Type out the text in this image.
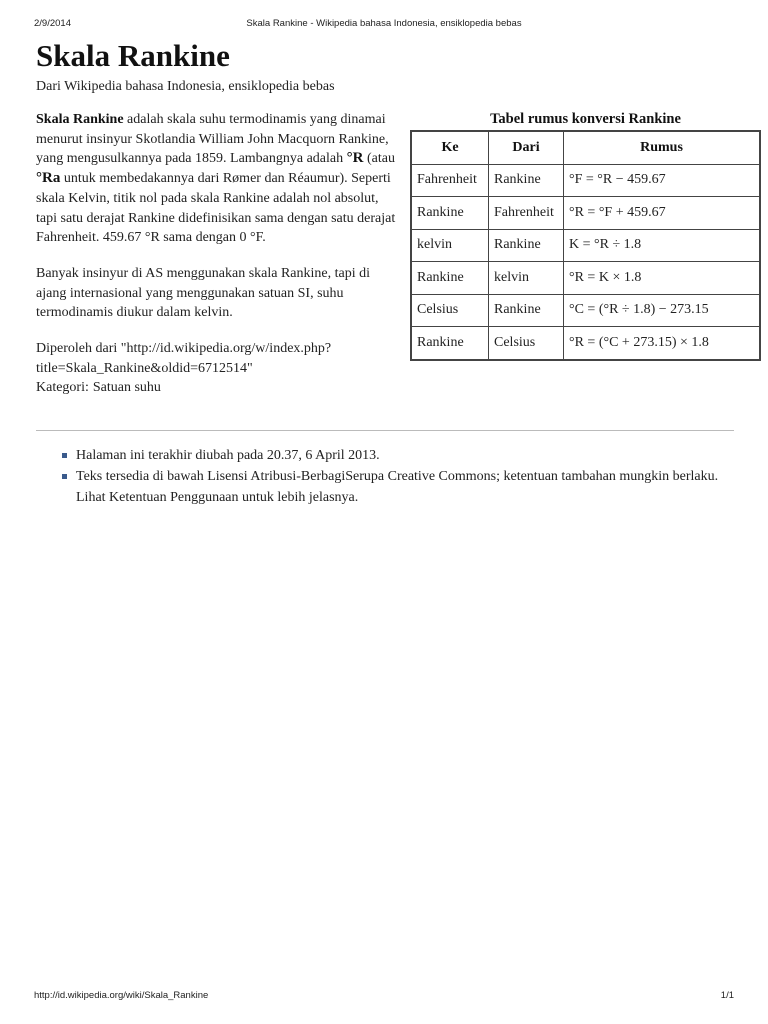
2/9/2014	Skala Rankine - Wikipedia bahasa Indonesia, ensiklopedia bebas
Skala Rankine
Dari Wikipedia bahasa Indonesia, ensiklopedia bebas

Skala Rankine adalah skala suhu termodinamis yang dinamai menurut insinyur Skotlandia William John Macquorn Rankine, yang mengusulkannya pada 1859. Lambangnya adalah °R (atau °Ra untuk membedakannya dari Rømer dan Réaumur). Seperti skala Kelvin, titik nol pada skala Rankine adalah nol absolut, tapi satu derajat Rankine didefinisikan sama dengan satu derajat Fahrenheit. 459.67 °R sama dengan 0 °F.

Banyak insinyur di AS menggunakan skala Rankine, tapi di ajang internasional yang menggunakan satuan SI, suhu termodinamis diukur dalam kelvin.

Diperoleh dari "http://id.wikipedia.org/w/index.php?title=Skala_Rankine&oldid=6712514"
Kategori: Satuan suhu
Tabel rumus konversi Rankine
Ke	Dari	Rumus
Fahrenheit	Rankine	°F = °R − 459.67
Rankine	Fahrenheit	°R = °F + 459.67
kelvin	Rankine	K = °R ÷ 1.8
Rankine	kelvin	°R = K × 1.8
Celsius	Rankine	°C = (°R ÷ 1.8) − 273.15
Rankine	Celsius	°R = (°C + 273.15) × 1.8
Halaman ini terakhir diubah pada 20.37, 6 April 2013.
Teks tersedia di bawah Lisensi Atribusi-BerbagiSerupa Creative Commons; ketentuan tambahan mungkin berlaku. Lihat Ketentuan Penggunaan untuk lebih jelasnya.
http://id.wikipedia.org/wiki/Skala_Rankine	1/1
